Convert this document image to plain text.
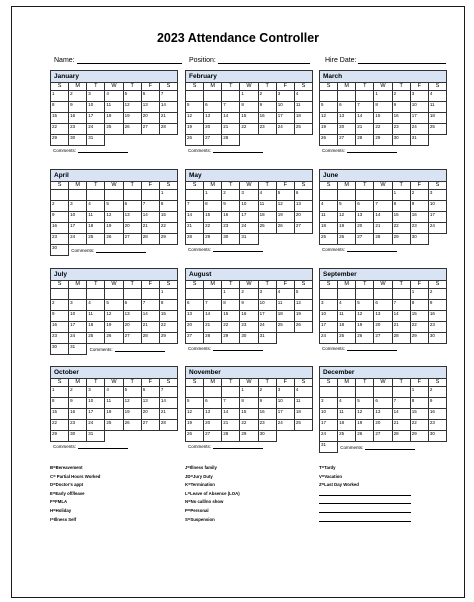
2023 Attendance Controller
Name:	Position:	Hire Date:
January
S	M	T	W	T	F	S
1	2	3	4	5	6	7
8	9	10	11	12	13	14
15	16	17	18	19	20	21
22	23	24	25	26	27	28
29	30	31				
Comments:
February
S	M	T	W	T	F	S
			1	2	3	4
5	6	7	8	9	10	11
12	13	14	15	16	17	18
19	20	21	22	23	24	25
26	27	28				
Comments:
March
S	M	T	W	T	F	S
			1	2	3	4
5	6	7	8	9	10	11
12	13	14	15	16	17	18
19	20	21	22	23	24	25
26	27	28	29	30	31	
Comments:
April
S	M	T	W	T	F	S
						1
2	3	4	5	6	7	8
9	10	11	12	13	14	15
16	17	18	19	20	21	22
23	24	25	26	27	28	29
30						
Comments:
May
S	M	T	W	T	F	S
	1	2	3	4	5	6
7	8	9	10	11	12	13
14	15	16	17	18	19	20
21	22	23	24	25	26	27
28	29	30	31			
Comments:
June
S	M	T	W	T	F	S
				1	2	3
4	5	6	7	8	9	10
11	12	13	14	15	16	17
18	19	20	21	22	23	24
25	26	27	28	29	30	
Comments:
July
S	M	T	W	T	F	S
						1
2	3	4	5	6	7	8
9	10	11	12	13	14	15
16	17	18	19	20	21	22
23	24	25	26	27	28	29
30	31					
Comments:
August
S	M	T	W	T	F	S
		1	2	3	4	5
6	7	8	9	10	11	12
13	14	15	16	17	18	19
20	21	22	23	24	25	26
27	28	29	30	31		
Comments:
September
S	M	T	W	T	F	S
					1	2
3	4	5	6	7	8	9
10	11	12	13	14	15	16
17	18	19	20	21	22	23
24	25	26	27	28	29	30
Comments:
October
S	M	T	W	T	F	S
1	2	3	4	5	6	7
8	9	10	11	12	13	14
15	16	17	18	19	20	21
22	23	24	25	26	27	28
29	30	31				
Comments:
November
S	M	T	W	T	F	S
			1	2	3	4
5	6	7	8	9	10	11
12	13	14	15	16	17	18
19	20	21	22	23	24	25
26	27	28	29	30		
Comments:
December
S	M	T	W	T	F	S
					1	2
3	4	5	6	7	8	9
10	11	12	13	14	15	16
17	18	19	20	21	22	23
24	25	26	27	28	29	30
31						
Comments:
B=Bereavement
C= Partial Hours Worked
D=Doctor's appt
E=Early off/leave
F=FMLA
H=Holiday
I=Illness Self
J=Illness family
JD=Jury Duty
K=Termination
L=Leave of Absence (LOA)
N=No call/no show
P=Personal
S=Suspension
T=Tardy
V=Vacation
Z=Last Day Worked
